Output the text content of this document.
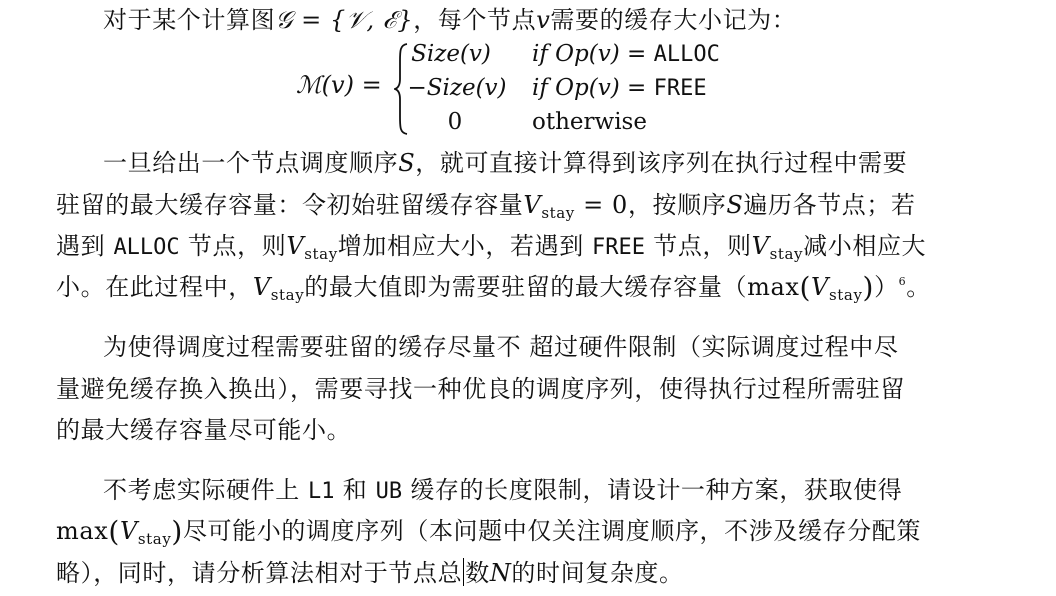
对于某个计算图𝒢 = {𝒱, ℰ}，每个节点v需要的缓存大小记为：
ℳ(v) =
Size(v)	if Op(v) = ALLOC
−Size(v) if Op(v) = FREE
0	otherwise
一旦给出一个节点调度顺序S，就可直接计算得到该序列在执行过程中需要
驻留的最大缓存容量：令初始驻留缓存容量$V_{stay} = 0$，按顺序S遍历各节点；若
遇到 ALLOC 节点，则$V_{stay}$增加相应大小，若遇到 FREE 节点，则$V_{stay}$减小相应大
小。在此过程中，$V_{stay}$的最大值即为需要驻留的最大缓存容量$(\max(V_{stay}))^6$。
为使得调度过程需要驻留的缓存尽量不 超过硬件限制（实际调度过程中尽
量避免缓存换入换出），需要寻找一种优良的调度序列，使得执行过程所需驻留
的最大缓存容量尽可能小。
不考虑实际硬件上 L1 和 UB 缓存的长度限制，请设计一种方案，获取使得
$\max(V_{stay})$尽可能小的调度序列（本问题中仅关注调度顺序，不涉及缓存分配策
略），同时，请分析算法相对于节点总 数N的时间复杂度。
